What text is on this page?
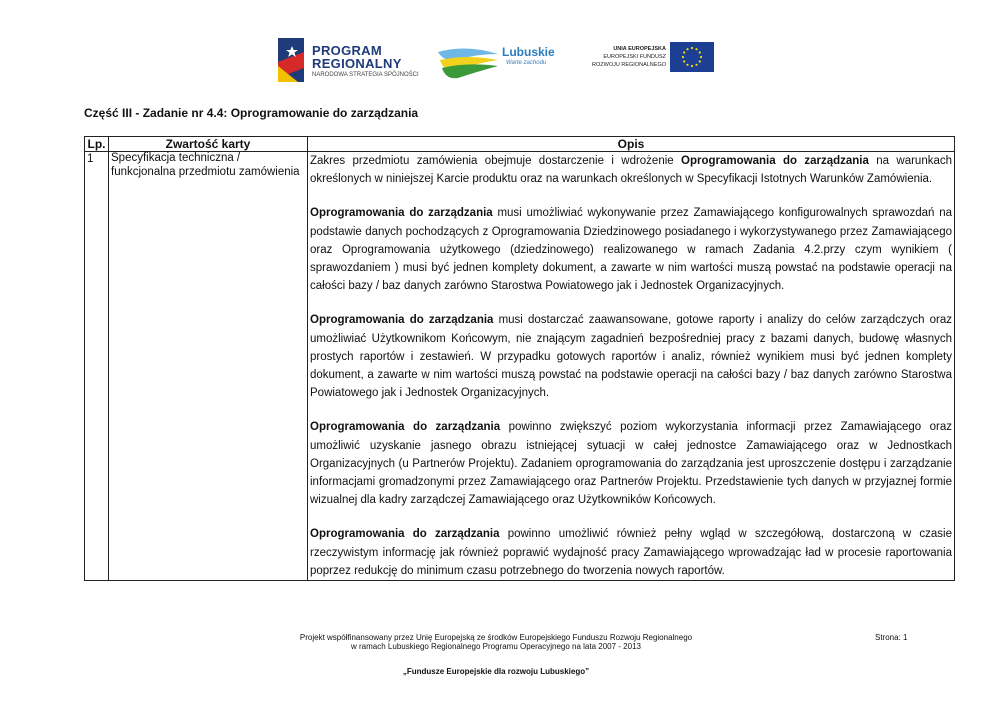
PROGRAM
REGIONALNY
NARODOWA STRATEGIA SPÓJNOŚCI
Lubuskie
Warte zachodu
UNIA EUROPEJSKA
EUROPEJSKI FUNDUSZ
ROZWOJU REGIONALNEGO
Część III - Zadanie nr 4.4: Oprogramowanie do zarządzania
Lp.	Zwartość karty	Opis
1	Specyfikacja techniczna / funkcjonalna przedmiotu zamówienia	Zakres przedmiotu zamówienia obejmuje dostarczenie i wdrożenie Oprogramowania do zarządzania na warunkach określonych w niniejszej Karcie produktu oraz na warunkach określonych w Specyfikacji Istotnych Warunków Zamówienia.

Oprogramowania do zarządzania musi umożliwiać wykonywanie przez Zamawiającego konfigurowalnych sprawozdań na podstawie danych pochodzących z Oprogramowania Dziedzinowego posiadanego i wykorzystywanego przez Zamawiającego oraz Oprogramowania użytkowego (dziedzinowego) realizowanego w ramach Zadania 4.2.przy czym wynikiem ( sprawozdaniem ) musi być jednen komplety dokument, a zawarte w nim wartości muszą powstać na podstawie operacji na całości bazy / baz danych zarówno Starostwa Powiatowego jak i Jednostek Organizacyjnych.

Oprogramowania do zarządzania musi dostarczać zaawansowane, gotowe raporty i analizy do celów zarządczych oraz umożliwiać Użytkownikom Końcowym, nie znającym zagadnień bezpośredniej pracy z bazami danych, budowę własnych prostych raportów i zestawień. W przypadku gotowych raportów i analiz, również wynikiem musi być jednen komplety dokument, a zawarte w nim wartości muszą powstać na podstawie operacji na całości bazy / baz danych zarówno Starostwa Powiatowego jak i Jednostek Organizacyjnych.

Oprogramowania do zarządzania powinno zwiększyć poziom wykorzystania informacji przez Zamawiającego oraz umożliwić uzyskanie jasnego obrazu istniejącej sytuacji w całej jednostce Zamawiającego oraz w Jednostkach Organizacyjnych (u Partnerów Projektu). Zadaniem oprogramowania do zarządzania jest uproszczenie dostępu i zarządzanie informacjami gromadzonymi przez Zamawiającego oraz Partnerów Projektu. Przedstawienie tych danych w przyjaznej formie wizualnej dla kadry zarządczej Zamawiającego oraz Użytkowników Końcowych.

Oprogramowania do zarządzania powinno umożliwić również pełny wgląd w szczegółową, dostarczoną w czasie rzeczywistym informację jak również poprawić wydajność pracy Zamawiającego wprowadzając ład w procesie raportowania poprzez redukcję do minimum czasu potrzebnego do tworzenia nowych raportów.

Projekt współfinansowany przez Unię Europejską ze środków Europejskiego Funduszu Rozwoju Regionalnego
w ramach Lubuskiego Regionalnego Programu Operacyjnego na lata 2007 - 2013
Strona: 1
„Fundusze Europejskie dla rozwoju Lubuskiego”
